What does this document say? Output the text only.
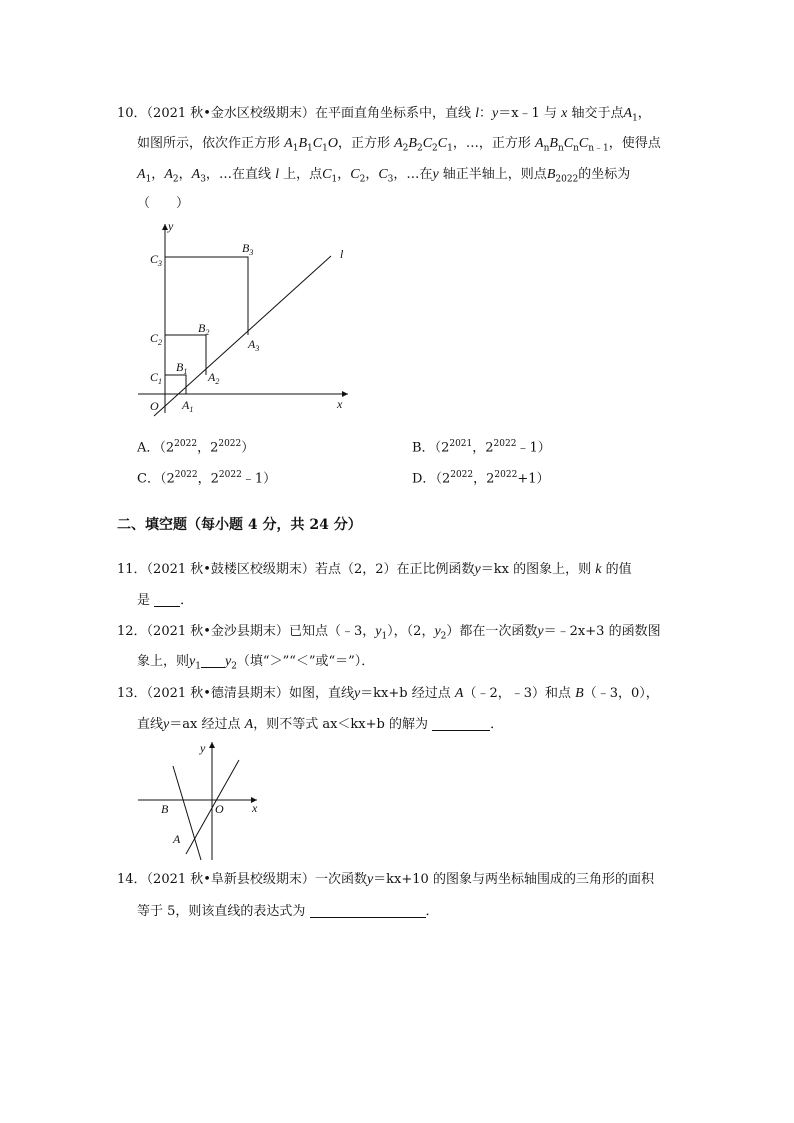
10．（2021 秋•金水区校级期末）在平面直角坐标系中，直线 l：y＝x﹣1 与 x 轴交于点$A_1$，
如图所示，依次作正方形 $A_1B_1C_1O$，正方形 $A_2B_2C_2C_1$，…，正方形 $A_nB_nC_nC_{n﹣1}$，使得点
$A_1$，$A_2$，$A_3$，…在直线 l 上，点$C_1$，$C_2$，$C_3$，…在y 轴正半轴上，则点$B_{2022}$的坐标为
（　　）
y
x
O
l
$C_3$
$C_2$
$C_1$
$B_3$
$B_2$
$B_1$
$A_3$
$A_2$
$A_1$
A．（$2^{2022}$，$2^{2022}$）	B．（$2^{2021}$，$2^{2022}﹣1$）
C．（$2^{2022}$，$2^{2022}﹣1$）	D．（$2^{2022}$，$2^{2022}+1$）
二、填空题（每小题 4 分，共 24 分）
11．（2021 秋•鼓楼区校级期末）若点（2，2）在正比例函数y＝kx 的图象上，则 k 的值
是 ．
12．（2021 秋•金沙县期末）已知点（﹣3，$y_1$），（2，$y_2$）都在一次函数y＝﹣2x+3 的函数图
象上，则$y_1$ $y_2$（填“＞”“＜”或“＝”）．
13．（2021 秋•德清县期末）如图，直线y＝kx+b 经过点 A（﹣2，﹣3）和点 B（﹣3，0），
直线y＝ax 经过点 A，则不等式 ax＜kx+b 的解为	．
y
x
O
B
A
14．（2021 秋•阜新县校级期末）一次函数y＝kx+10 的图象与两坐标轴围成的三角形的面积
等于 5，则该直线的表达式为	．
